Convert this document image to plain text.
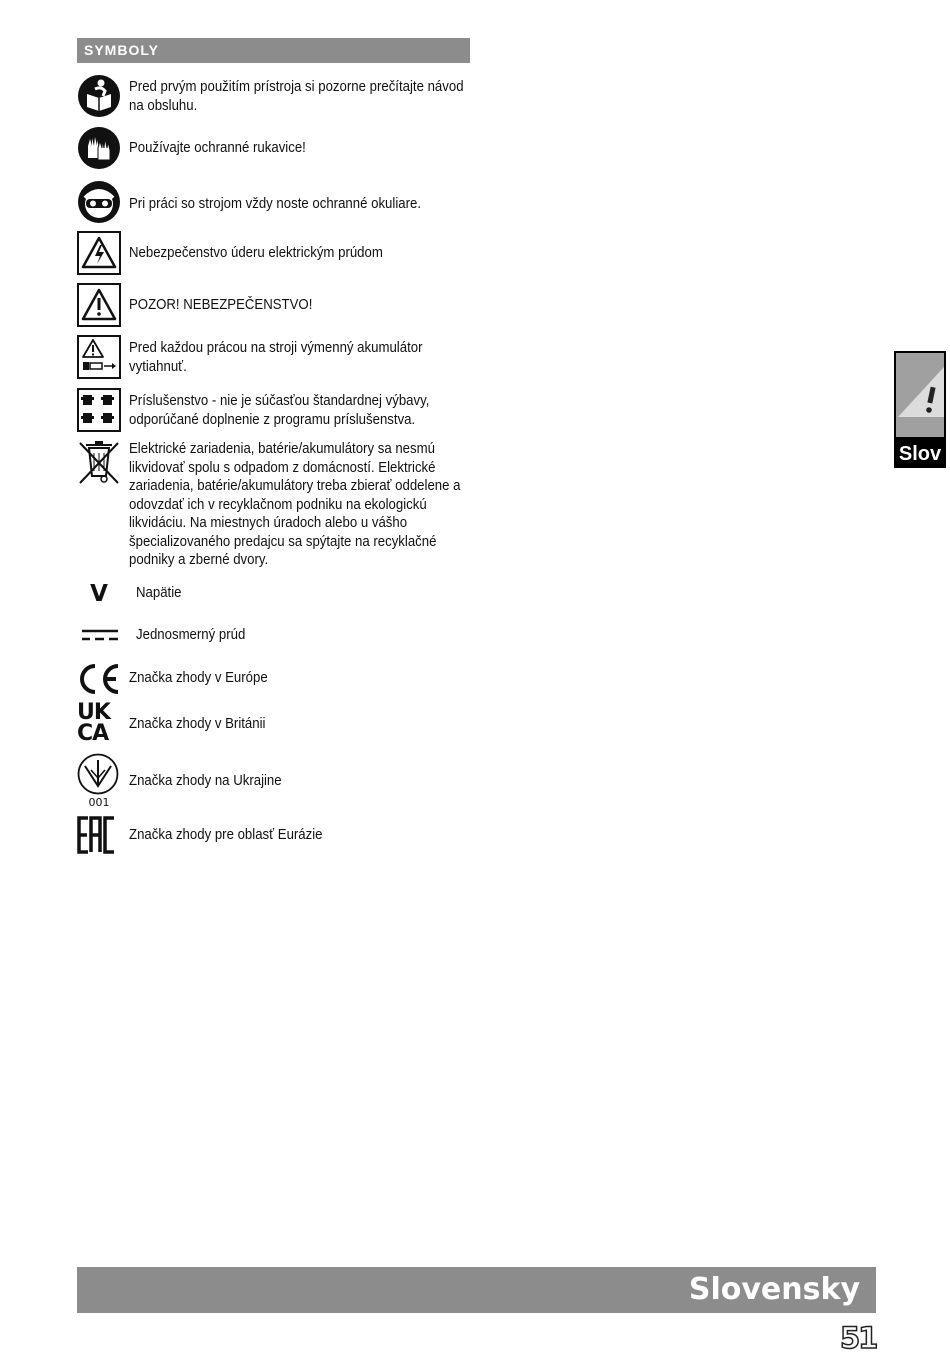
SYMBOLY
Pred prvým použitím prístroja si pozorne prečítajte návod na obsluhu.
Používajte ochranné rukavice!
Pri práci so strojom vždy noste ochranné okuliare.
Nebezpečenstvo úderu elektrickým prúdom
POZOR! NEBEZPEČENSTVO!
Pred každou prácou na stroji výmenný akumulátor vytiahnuť.
Príslušenstvo - nie je súčasťou štandardnej výbavy, odporúčané doplnenie z programu príslušenstva.
Elektrické zariadenia, batérie/akumulátory sa nesmú likvidovať spolu s odpadom z domácností. Elektrické zariadenia, batérie/akumulátory treba zbierať oddelene a odovzdať ich v recyklačnom podniku na ekologickú likvidáciu. Na miestnych úradoch alebo u vášho špecializovaného predajcu sa spýtajte na recyklačné podniky a zberné dvory.
V	Napätie
Jednosmerný prúd
Značka zhody v Európe
UK
CA	Značka zhody v Británii
001
Značka zhody na Ukrajine
Značka zhody pre oblasť Eurázie
Slov
Slovensky
51
